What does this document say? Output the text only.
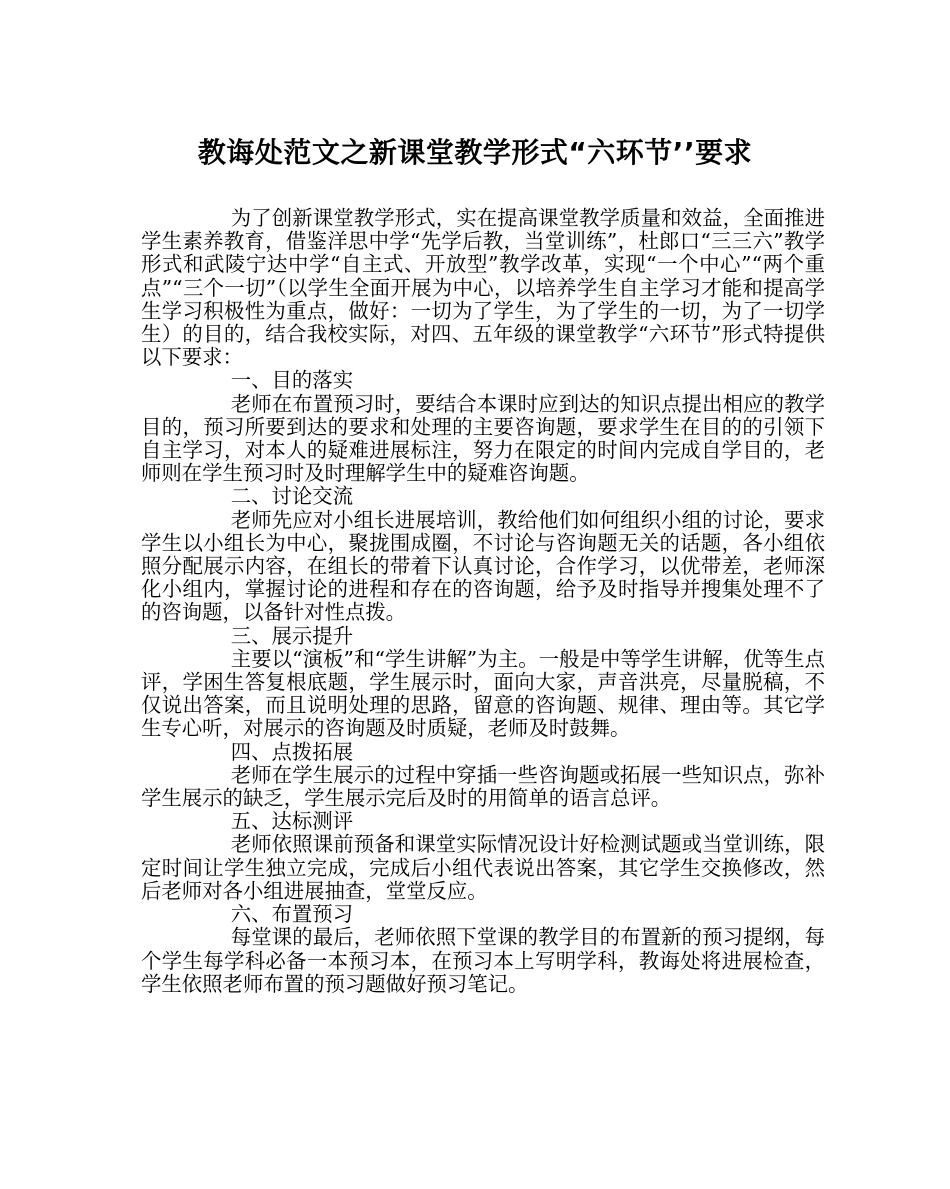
教诲处范文之新课堂教学形式“六环节’’要求

为了创新课堂教学形式，实在提高课堂教学质量和效益，全面推进学生素养教育，借鉴洋思中学“先学后教，当堂训练”，杜郎口“三三六”教学形式和武陵宁达中学“自主式、开放型”教学改革，实现“一个中心”“两个重点”“三个一切”（以学生全面开展为中心，以培养学生自主学习才能和提高学生学习积极性为重点，做好：一切为了学生，为了学生的一切，为了一切学生）的目的，结合我校实际，对四、五年级的课堂教学“六环节”形式特提供以下要求：

一、目的落实

老师在布置预习时，要结合本课时应到达的知识点提出相应的教学目的，预习所要到达的要求和处理的主要咨询题，要求学生在目的的引领下自主学习，对本人的疑难进展标注，努力在限定的时间内完成自学目的，老师则在学生预习时及时理解学生中的疑难咨询题。

二、讨论交流

老师先应对小组长进展培训，教给他们如何组织小组的讨论，要求学生以小组长为中心，聚拢围成圈，不讨论与咨询题无关的话题，各小组依照分配展示内容，在组长的带着下认真讨论，合作学习，以优带差，老师深化小组内，掌握讨论的进程和存在的咨询题，给予及时指导并搜集处理不了的咨询题，以备针对性点拨。

三、展示提升

主要以“演板”和“学生讲解”为主。一般是中等学生讲解，优等生点评，学困生答复根底题，学生展示时，面向大家，声音洪亮，尽量脱稿，不仅说出答案，而且说明处理的思路，留意的咨询题、规律、理由等。其它学生专心听，对展示的咨询题及时质疑，老师及时鼓舞。

四、点拨拓展

老师在学生展示的过程中穿插一些咨询题或拓展一些知识点，弥补学生展示的缺乏，学生展示完后及时的用简单的语言总评。

五、达标测评

老师依照课前预备和课堂实际情况设计好检测试题或当堂训练，限定时间让学生独立完成，完成后小组代表说出答案，其它学生交换修改，然后老师对各小组进展抽查，堂堂反应。

六、布置预习

每堂课的最后，老师依照下堂课的教学目的布置新的预习提纲，每个学生每学科必备一本预习本，在预习本上写明学科，教诲处将进展检查，学生依照老师布置的预习题做好预习笔记。
